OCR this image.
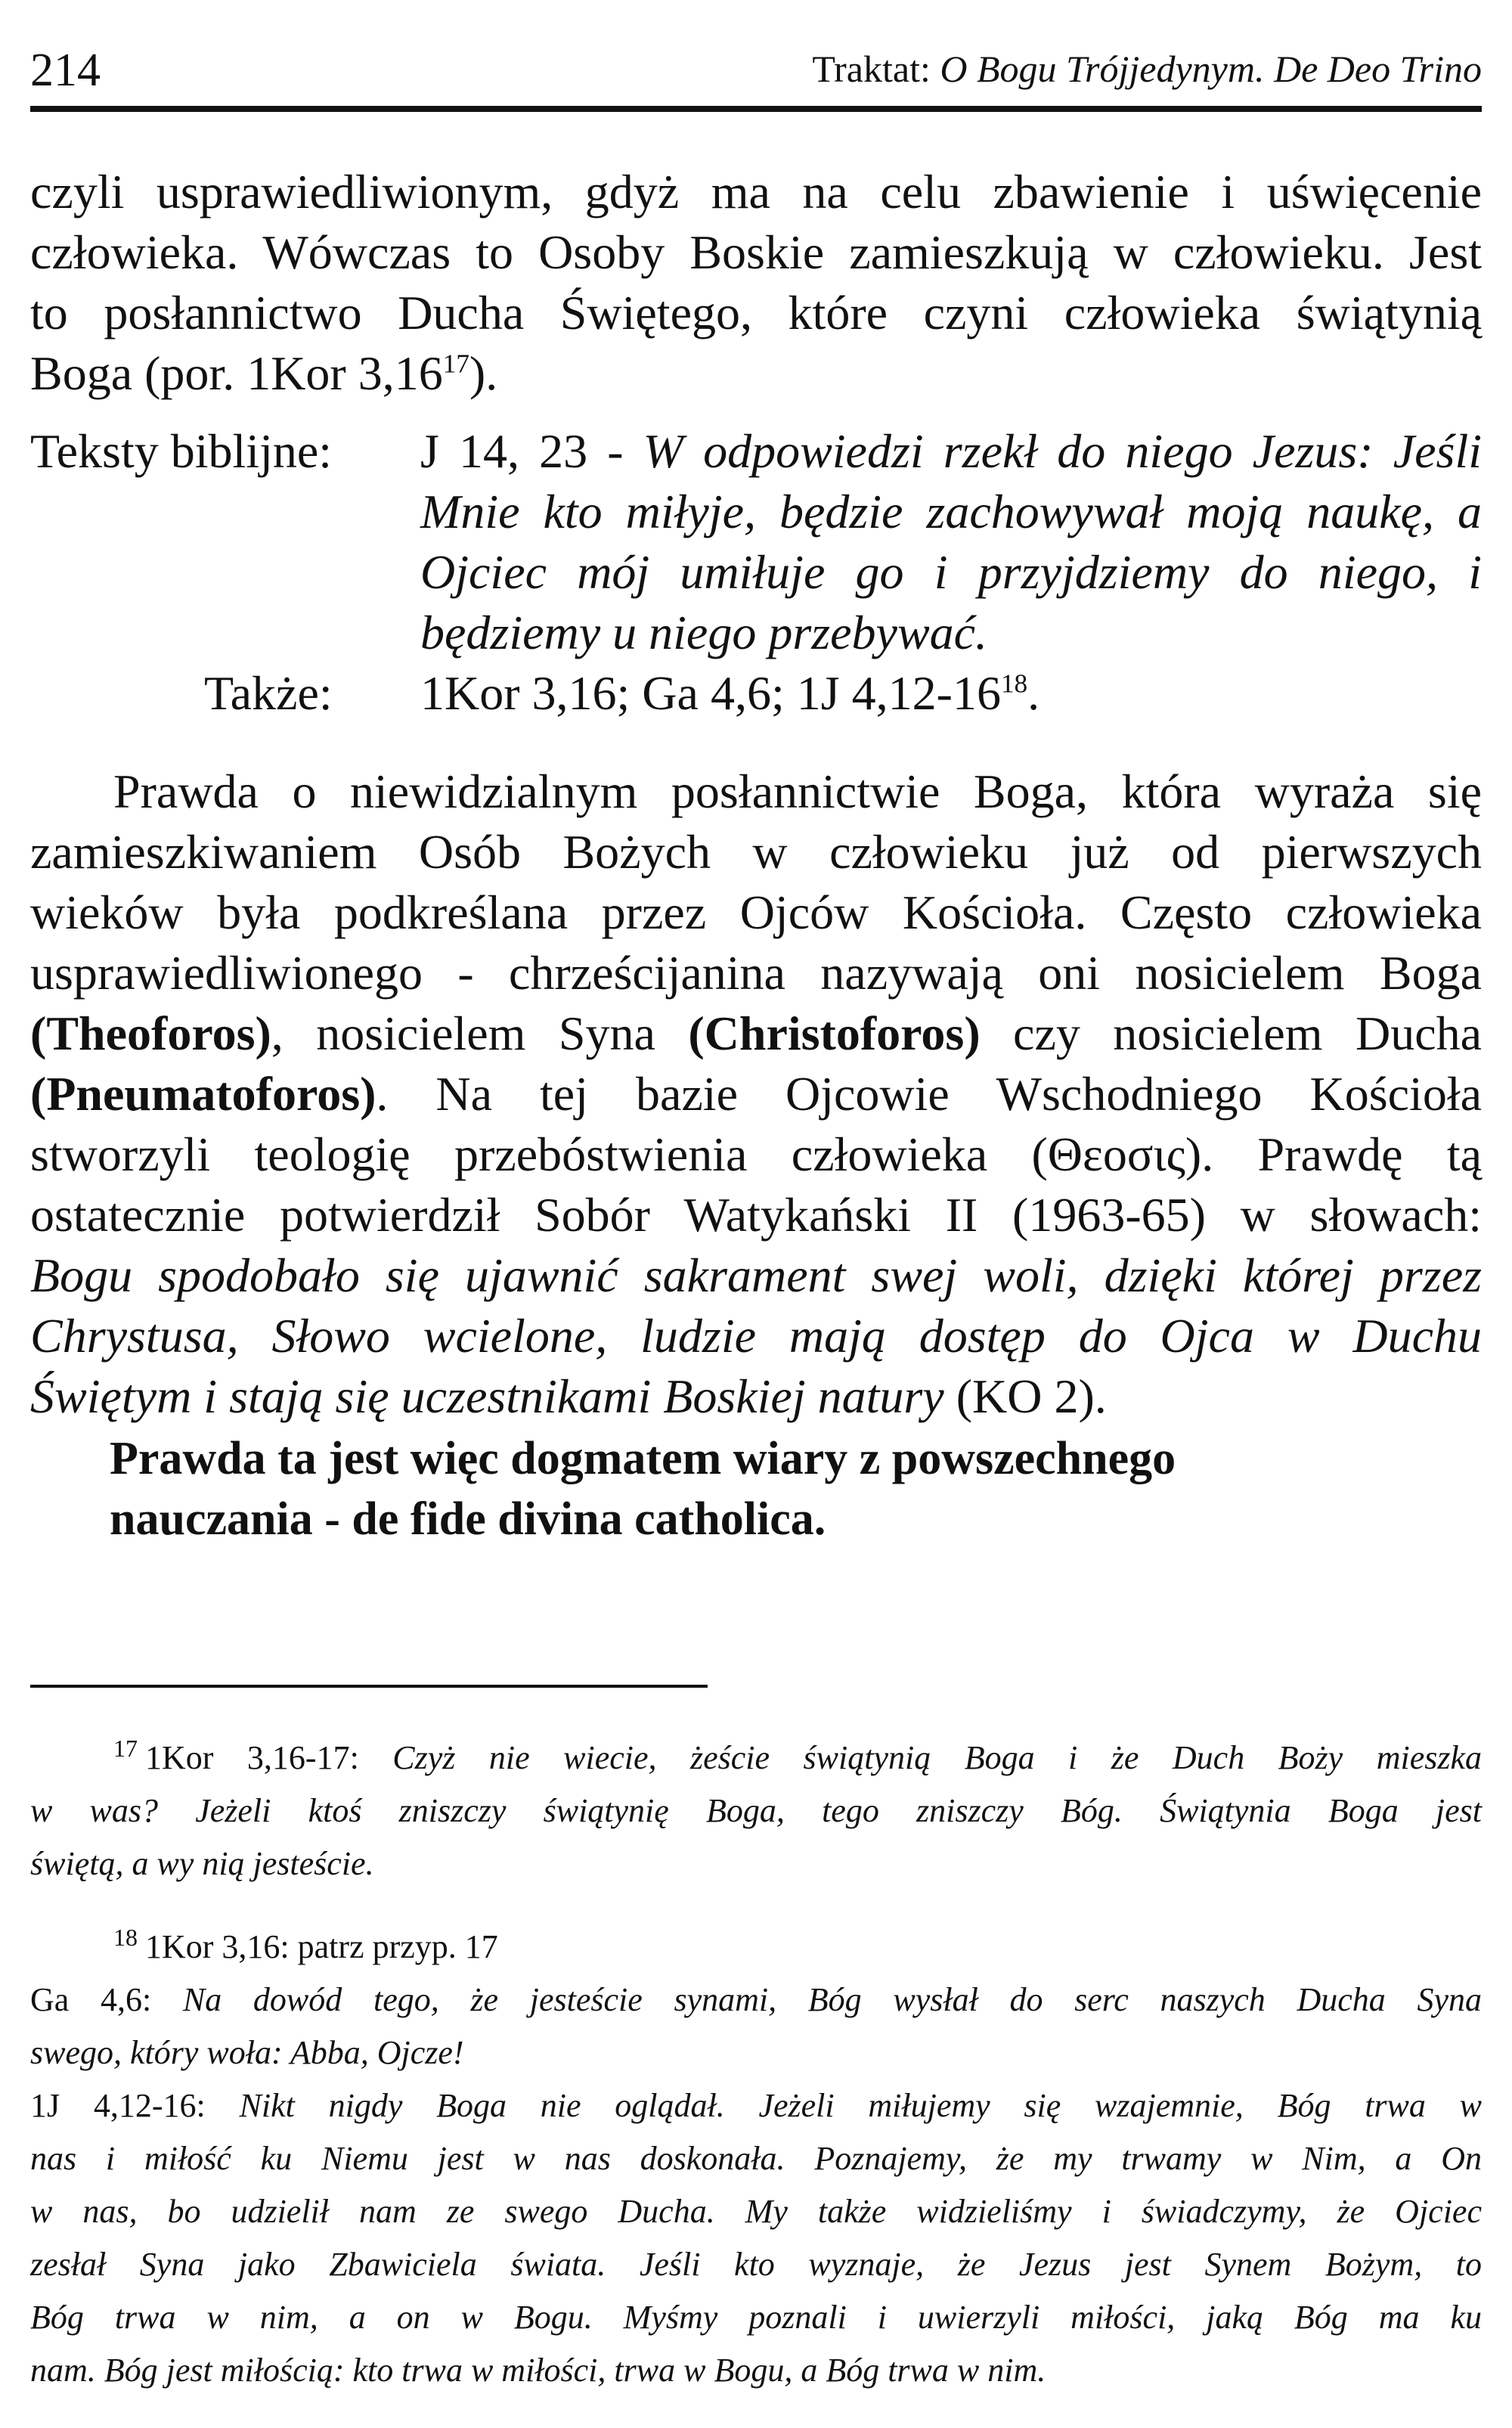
214	Traktat: O Bogu Trójjedynym. De Deo Trino
czyli usprawiedliwionym, gdyż ma na celu zbawienie i uświęcenie
człowieka. Wówczas to Osoby Boskie zamieszkują w człowieku. Jest
to posłannictwo Ducha Świętego, które czyni człowieka świątynią
Boga (por. 1Kor 3,16$^{17}$).
Teksty biblijne: J 14, 23 - W odpowiedzi rzekł do niego Jezus: Jeśli
Mnie kto miłyje, będzie zachowywał moją naukę, a
Ojciec mój umiłuje go i przyjdziemy do niego, i
będziemy u niego przebywać.
Także: 1Kor 3,16; Ga 4,6; 1J $4,12-16^{18}$.
Prawda o niewidzialnym posłannictwie Boga, która wyraża się
zamieszkiwaniem Osób Bożych w człowieku już od pierwszych
wieków była podkreślana przez Ojców Kościoła. Często człowieka
usprawiedliwionego - chrześcijanina nazywają oni nosicielem Boga
(Theoforos), nosicielem Syna (Christoforos) czy nosicielem Ducha
(Pneumatoforos). Na tej bazie Ojcowie Wschodniego Kościoła
stworzyli teologię przebóstwienia człowieka (Θεοσις). Prawdę tą
ostatecznie potwierdził Sobór Watykański II (1963-65) w słowach:
Bogu spodobało się ujawnić sakrament swej woli, dzięki której przez
Chrystusa, Słowo wcielone, ludzie mają dostęp do Ojca w Duchu
Świętym i stają się uczestnikami Boskiej natury (KO 2).
Prawda ta jest więc dogmatem wiary z powszechnego
nauczania - de fide divina catholica.
$^{17}$ 1Kor 3,16-17: Czyż nie wiecie, żeście świątynią Boga i że Duch Boży mieszka
w was? Jeżeli ktoś zniszczy świątynię Boga, tego zniszczy Bóg. Świątynia Boga jest
świętą, a wy nią jesteście.
$^{18}$ 1Kor 3,16: patrz przyp. 17
Ga 4,6: Na dowód tego, że jesteście synami, Bóg wysłał do serc naszych Ducha Syna
swego, który woła: Abba, Ojcze!
1J 4,12-16: Nikt nigdy Boga nie oglądał. Jeżeli miłujemy się wzajemnie, Bóg trwa w
nas i miłość ku Niemu jest w nas doskonała. Poznajemy, że my trwamy w Nim, a On
w nas, bo udzielił nam ze swego Ducha. My także widzieliśmy i świadczymy, że Ojciec
zesłał Syna jako Zbawiciela świata. Jeśli kto wyznaje, że Jezus jest Synem Bożym, to
Bóg trwa w nim, a on w Bogu. Myśmy poznali i uwierzyli miłości, jaką Bóg ma ku
nam. Bóg jest miłością: kto trwa w miłości, trwa w Bogu, a Bóg trwa w nim.
